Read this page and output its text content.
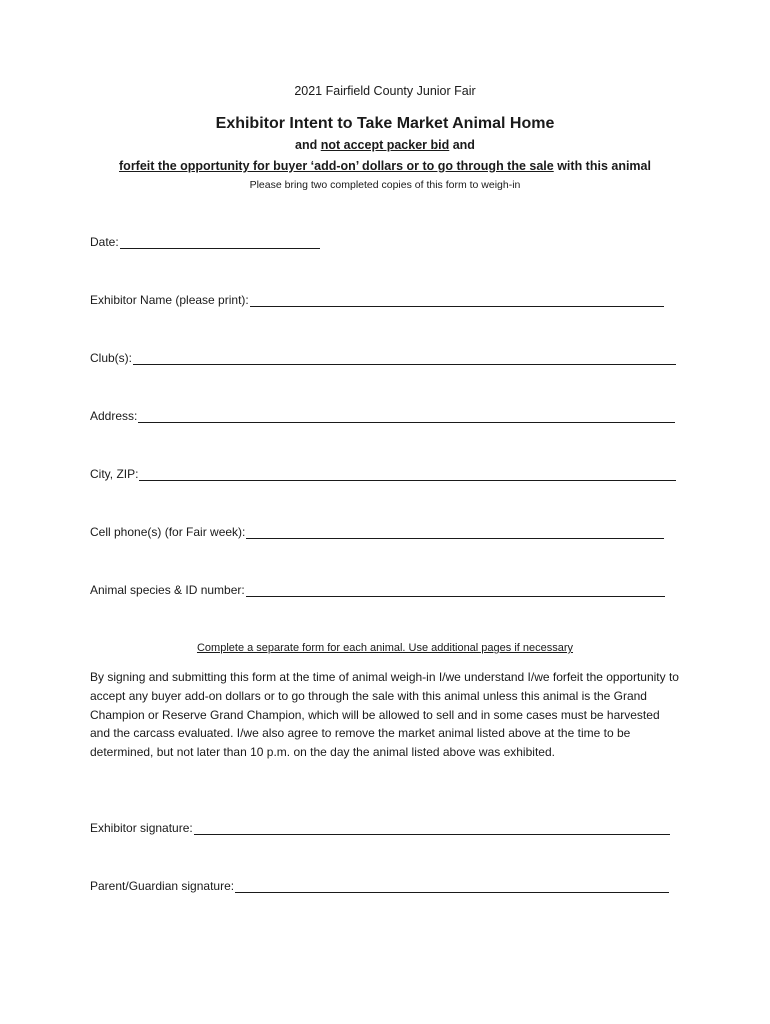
2021 Fairfield County Junior Fair
Exhibitor Intent to Take Market Animal Home
and not accept packer bid and
forfeit the opportunity for buyer ‘add-on’ dollars or to go through the sale with this animal
Please bring two completed copies of this form to weigh-in
Date:
Exhibitor Name (please print):
Club(s):
Address:
City, ZIP:
Cell phone(s) (for Fair week):
Animal species & ID number:
Complete a separate form for each animal. Use additional pages if necessary
By signing and submitting this form at the time of animal weigh-in I/we understand I/we forfeit the opportunity to accept any buyer add-on dollars or to go through the sale with this animal unless this animal is the Grand Champion or Reserve Grand Champion, which will be allowed to sell and in some cases must be harvested and the carcass evaluated. I/we also agree to remove the market animal listed above at the time to be determined, but not later than 10 p.m. on the day the animal listed above was exhibited.
Exhibitor signature:
Parent/Guardian signature:
